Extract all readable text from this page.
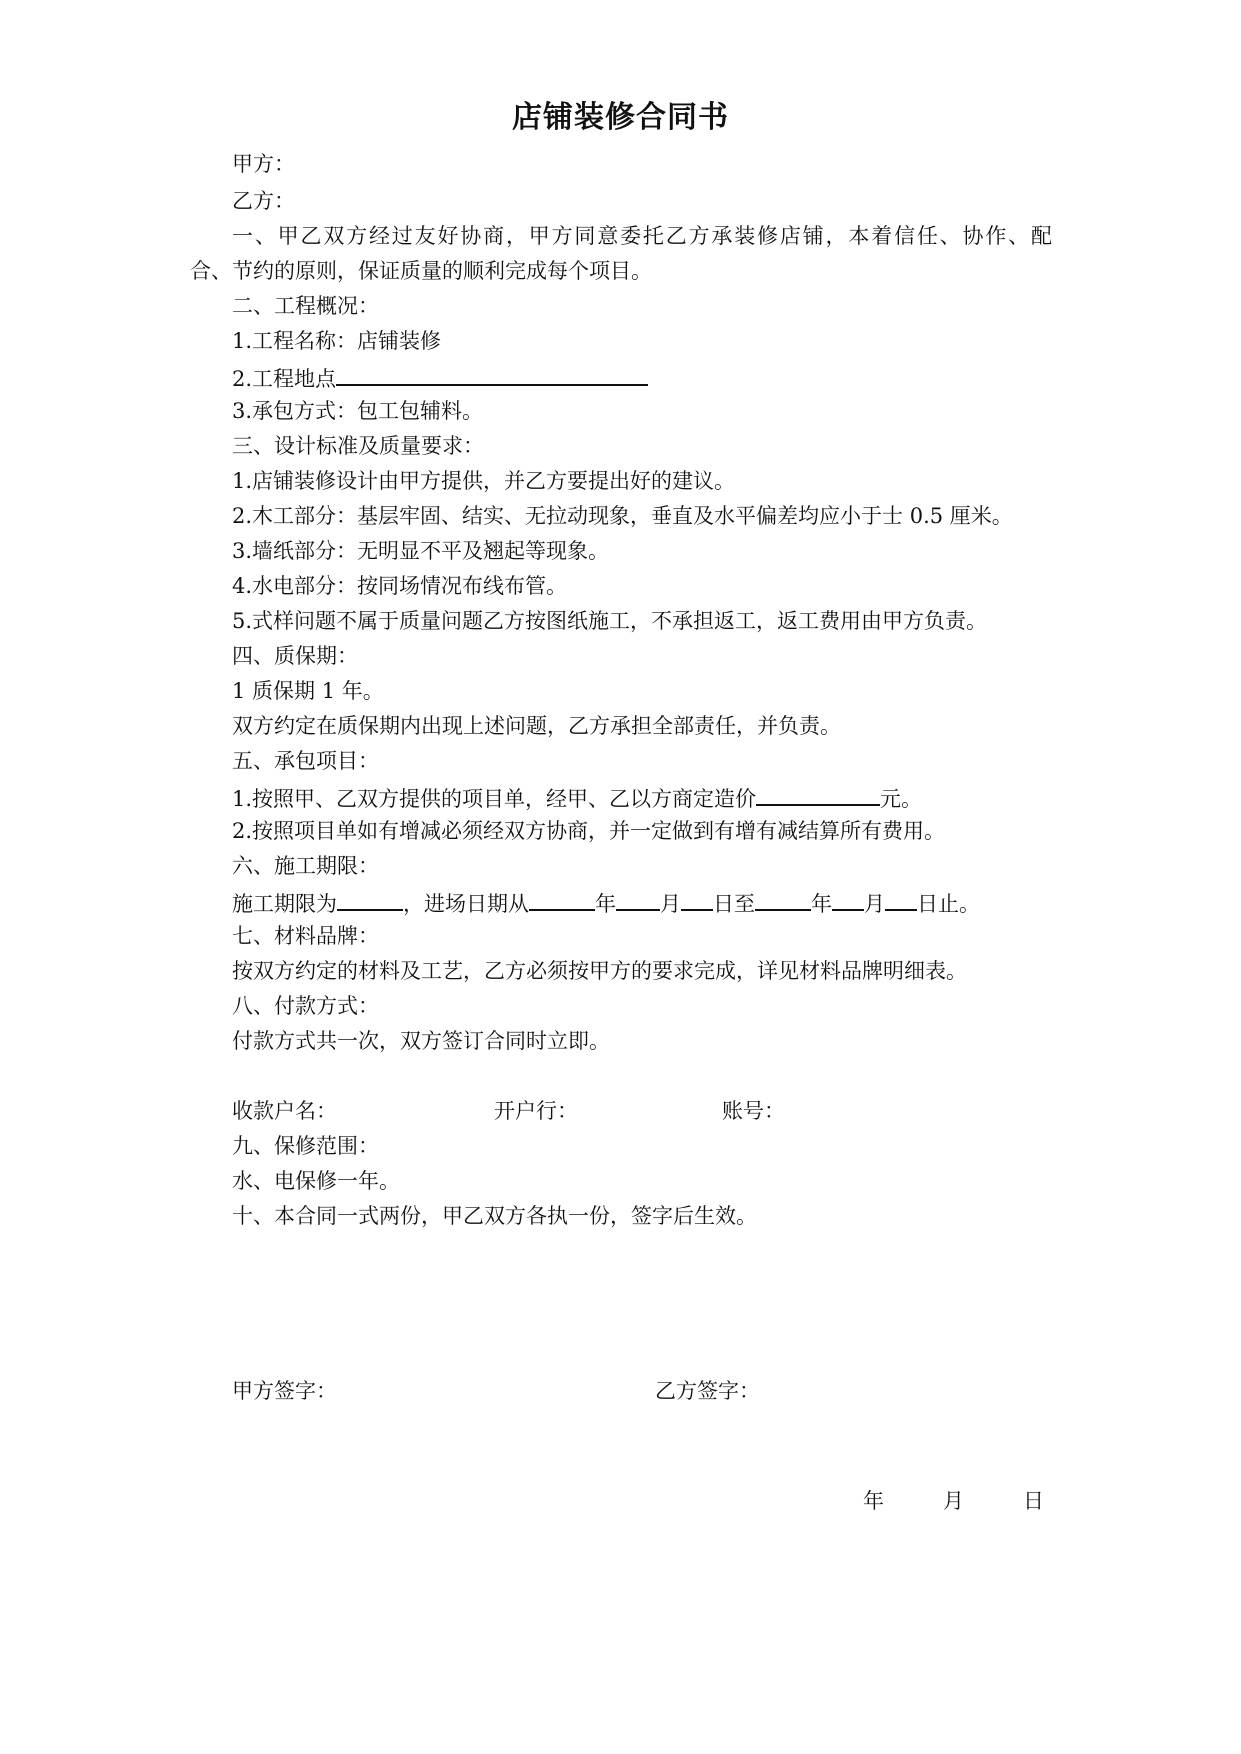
店铺装修合同书
甲方：
乙方：
一、甲乙双方经过友好协商，甲方同意委托乙方承装修店铺，本着信任、协作、配
合、节约的原则，保证质量的顺利完成每个项目。
二、工程概况：
1.工程名称：店铺装修
2.工程地点
3.承包方式：包工包辅料。
三、设计标准及质量要求：
1.店铺装修设计由甲方提供，并乙方要提出好的建议。
2.木工部分：基层牢固、结实、无拉动现象，垂直及水平偏差均应小于士 0.5 厘米。
3.墙纸部分：无明显不平及翘起等现象。
4.水电部分：按同场情况布线布管。
5.式样问题不属于质量问题乙方按图纸施工，不承担返工，返工费用由甲方负责。
四、质保期：
1 质保期 1 年。
双方约定在质保期内出现上述问题，乙方承担全部责任，并负责。
五、承包项目：
1.按照甲、乙双方提供的项目单，经甲、乙以方商定造价	元。
2.按照项目单如有增减必须经双方协商，并一定做到有增有减结算所有费用。
六、施工期限：
施工期限为	，进场日期从	年 月 日至	年 月 日止。
七、材料品牌：
按双方约定的材料及工艺，乙方必须按甲方的要求完成，详见材料品牌明细表。
八、付款方式：
付款方式共一次，双方签订合同时立即。
收款户名：	开户行：	账号：
九、保修范围：
水、电保修一年。
十、本合同一式两份，甲乙双方各执一份，签字后生效。
甲方签字：	乙方签字：
年	月	日
